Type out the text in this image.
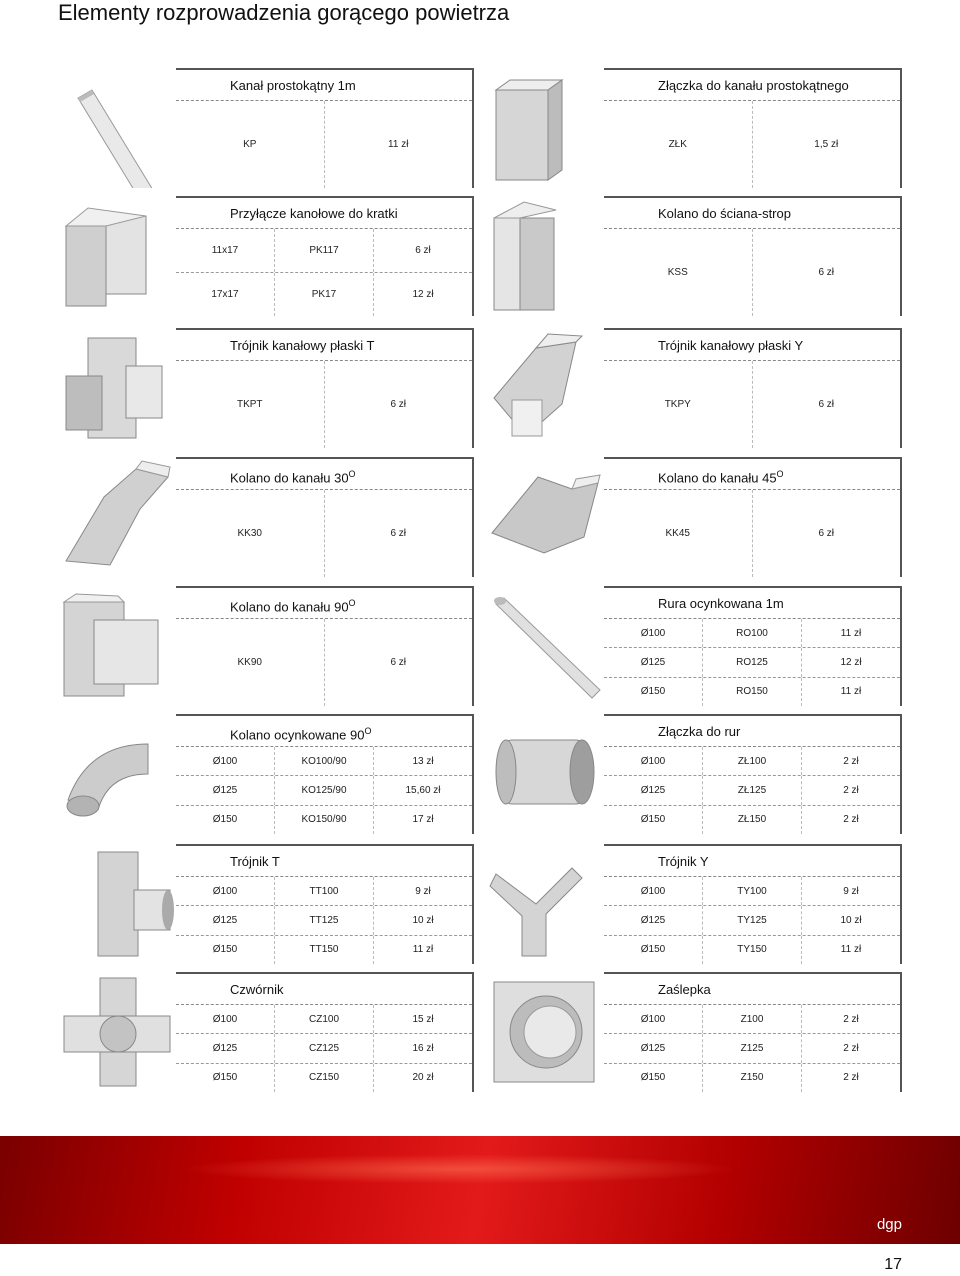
Elementy rozprowadzenia gorącego powietrza
Kanał prostokątny 1m
KP	11 zł
Złączka do kanału prostokątnego
ZŁK	1,5 zł
Przyłącze kanołowe do kratki
11x17	PK117	6 zł
17x17	PK17	12 zł
Kolano do ściana-strop
KSS	6 zł
Trójnik kanałowy płaski T
TKPT	6 zł
Trójnik kanałowy płaski Y
TKPY	6 zł
Kolano do kanału $30^O$
KK30	6 zł
Kolano do kanału $45^O$
KK45	6 zł
Kolano do kanału $90^O$
KK90	6 zł
Rura ocynkowana 1m
Ø100	RO100	11 zł
Ø125	RO125	12 zł
Ø150	RO150	11 zł
Kolano ocynkowane $90^O$
Ø100	KO100/90	13 zł
Ø125	KO125/90	15,60 zł
Ø150	KO150/90	17 zł
Złączka do rur
Ø100	ZŁ100	2 zł
Ø125	ZŁ125	2 zł
Ø150	ZŁ150	2 zł
Trójnik T
Ø100	TT100	9 zł
Ø125	TT125	10 zł
Ø150	TT150	11 zł
Trójnik Y
Ø100	TY100	9 zł
Ø125	TY125	10 zł
Ø150	TY150	11 zł
Czwórnik
Ø100	CZ100	15 zł
Ø125	CZ125	16 zł
Ø150	CZ150	20 zł
Zaślepka
Ø100	Z100	2 zł
Ø125	Z125	2 zł
Ø150	Z150	2 zł
dgp
17
